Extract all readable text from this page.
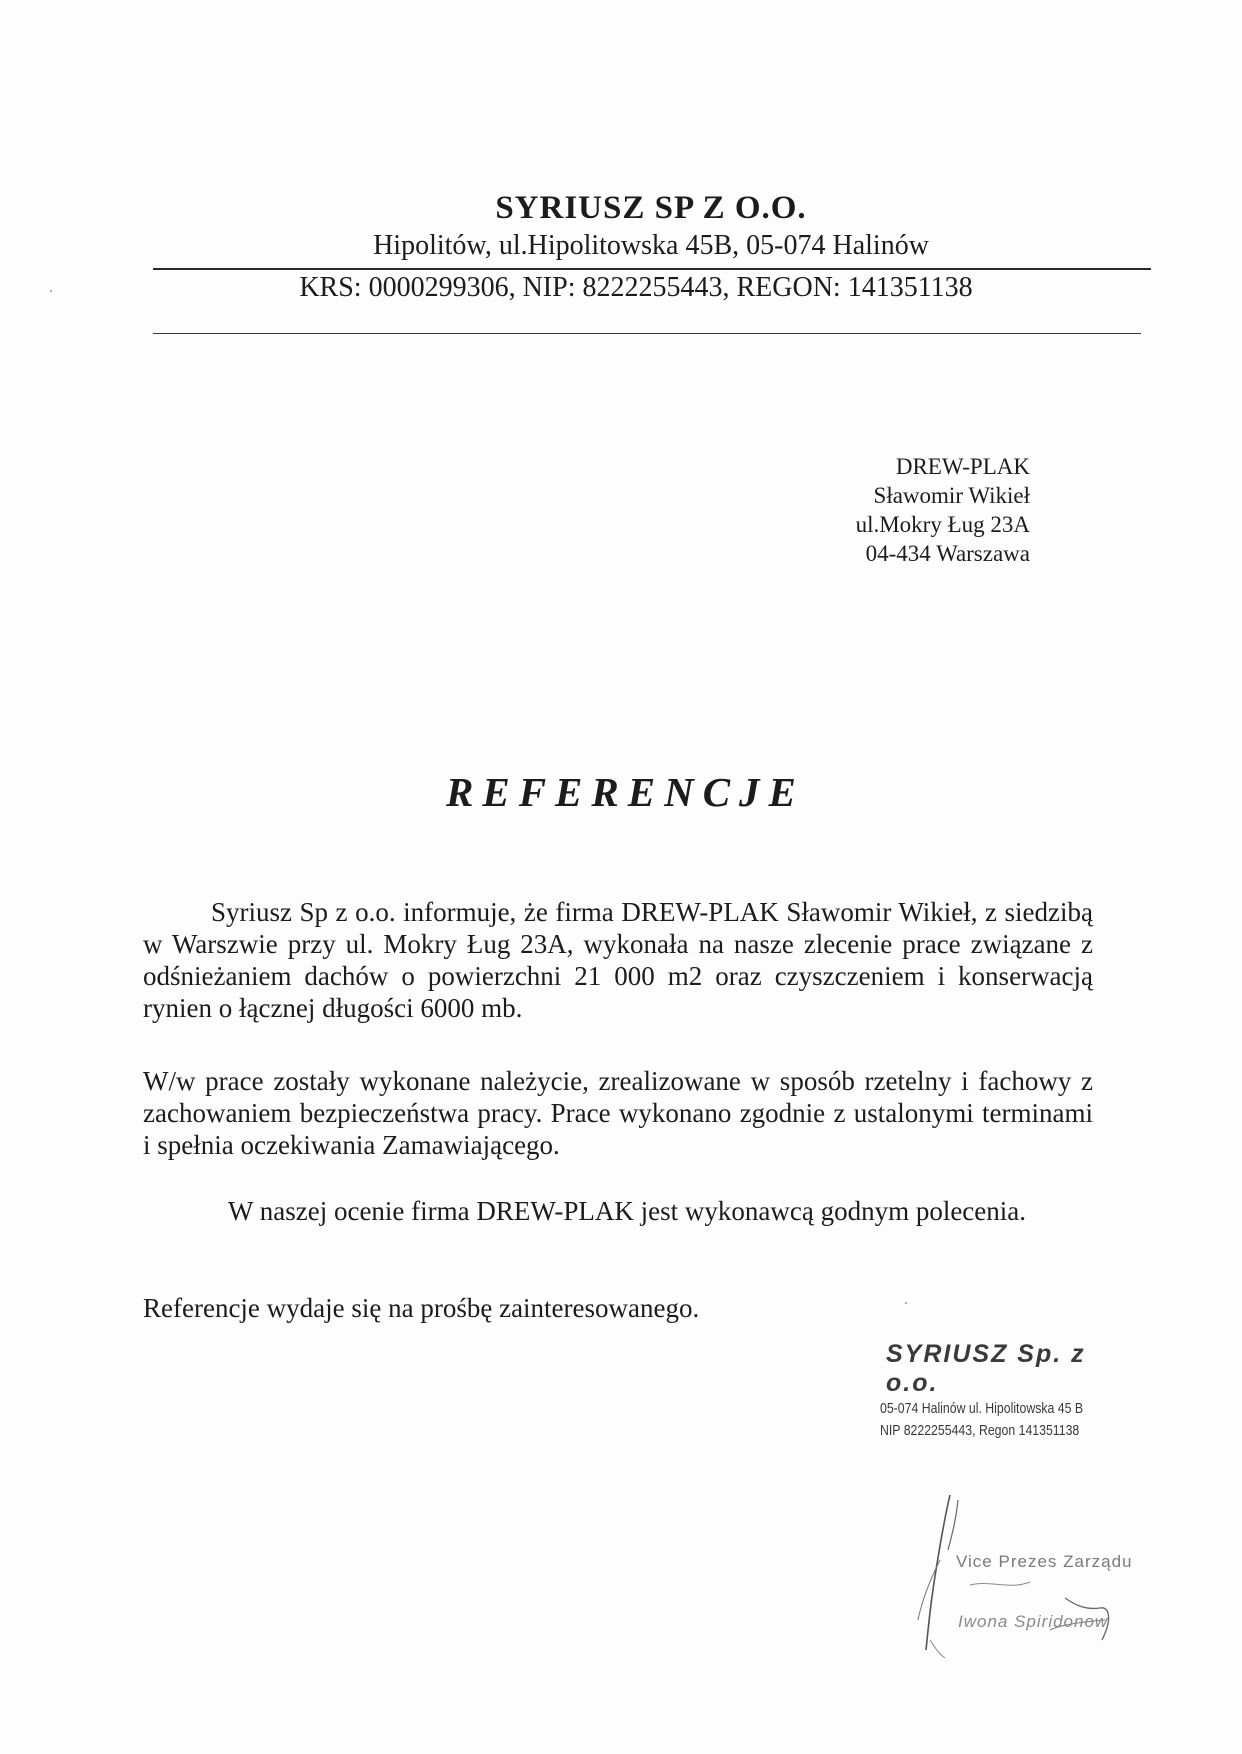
SYRIUSZ SP Z O.O.
Hipolitów, ul.Hipolitowska 45B, 05-074 Halinów
KRS: 0000299306, NIP: 8222255443, REGON: 141351138
DREW-PLAK
Sławomir Wikieł
ul.Mokry Ług 23A
04-434 Warszawa
REFERENCJE
Syriusz Sp z o.o. informuje, że firma DREW-PLAK Sławomir Wikieł, z siedzibą w Warszwie przy ul. Mokry Ług 23A, wykonała na nasze zlecenie prace związane z odśnieżaniem dachów o powierzchni 21 000 m2 oraz czyszczeniem i konserwacją rynien o łącznej długości 6000 mb.
W/w prace zostały wykonane należycie, zrealizowane w sposób rzetelny i fachowy z zachowaniem bezpieczeństwa pracy. Prace wykonano zgodnie z ustalonymi terminami i spełnia oczekiwania Zamawiającego.
W naszej ocenie firma DREW-PLAK jest wykonawcą godnym polecenia.
Referencje wydaje się na prośbę zainteresowanego.
SYRIUSZ Sp. z o.o.
05-074 Halinów ul. Hipolitowska 45 B
NIP 8222255443, Regon 141351138
Vice Prezes Zarządu
Iwona Spiridonow
